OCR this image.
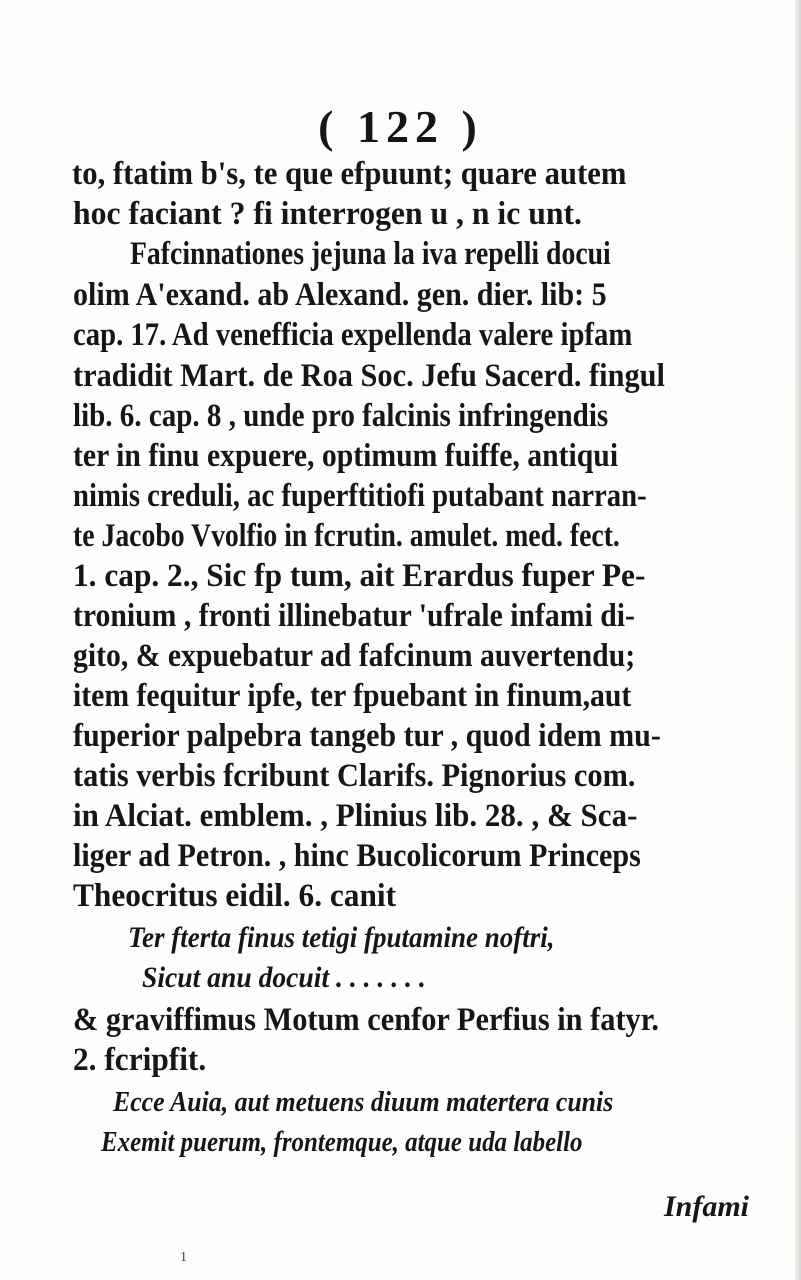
( 122 )
to, ftatim b's, te que efpuunt; quare autem
hoc faciant ? fi interrogen u , n ic unt.
Fafcinnationes jejuna la iva repelli docui
olim A'exand. ab Alexand. gen. dier. lib: 5
cap. 17. Ad venefficia expellenda valere ipfam
tradidit Mart. de Roa Soc. Jefu Sacerd. fingul
lib. 6. cap. 8 , unde pro falcinis infringendis
ter in finu expuere, optimum fuiffe, antiqui
nimis creduli, ac fuperftitiofi putabant narran-
te Jacobo Vvolfio in fcrutin. amulet. med. fect.
1. cap. 2., Sic fp tum, ait Erardus fuper Pe-
tronium , fronti illinebatur 'ufrale infami di-
gito, & expuebatur ad fafcinum auvertendu;
item fequitur ipfe, ter fpuebant in finum,aut
fuperior palpebra tangeb tur , quod idem mu-
tatis verbis fcribunt Clarifs. Pignorius com.
in Alciat. emblem. , Plinius lib. 28. , & Sca-
liger ad Petron. , hinc Bucolicorum Princeps
Theocritus eidil. 6. canit
Ter fterta finus tetigi fputamine noftri,
Sicut anu docuit . . . . . . .
& graviffimus Motum cenfor Perfius in fatyr.
2. fcripfit.
Ecce Auia, aut metuens diuum matertera cunis
Exemit puerum, frontemque, atque uda labello
Infami
1
